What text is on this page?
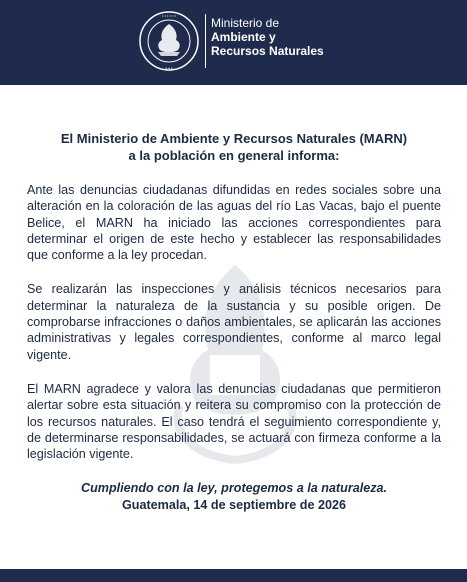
• • • • • •
• • •
Ministerio de
Ambiente y
Recursos Naturales
El Ministerio de Ambiente y Recursos Naturales (MARN)
a la población en general informa:

Ante las denuncias ciudadanas difundidas en redes sociales sobre una alteración en la coloración de las aguas del río Las Vacas, bajo el puente Belice, el MARN ha iniciado las acciones correspondientes para determinar el origen de este hecho y establecer las responsabilidades que conforme a la ley procedan.

Se realizarán las inspecciones y análisis técnicos necesarios para determinar la naturaleza de la sustancia y su posible origen. De comprobarse infracciones o daños ambientales, se aplicarán las acciones administrativas y legales correspondientes, conforme al marco legal vigente.

El MARN agradece y valora las denuncias ciudadanas que permitieron alertar sobre esta situación y reitera su compromiso con la protección de los recursos naturales. El caso tendrá el seguimiento correspondiente y, de determinarse responsabilidades, se actuará con firmeza conforme a la legislación vigente.

Cumpliendo con la ley, protegemos a la naturaleza.
Guatemala, 14 de septiembre de 2026
